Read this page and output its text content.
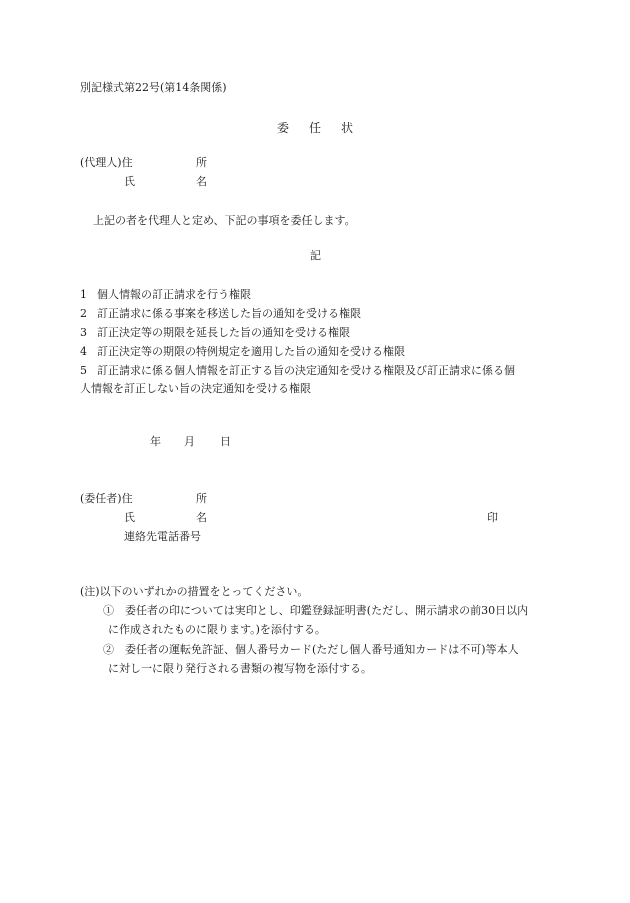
別記様式第22号(第14条関係)
委 任 状
(代理人)住	所
氏	名
上記の者を代理人と定め、下記の事項を委任します。
記
1 個人情報の訂正請求を行う権限
2 訂正請求に係る事案を移送した旨の通知を受ける権限
3 訂正決定等の期限を延長した旨の通知を受ける権限
4 訂正決定等の期限の特例規定を適用した旨の通知を受ける権限
5 訂正請求に係る個人情報を訂正する旨の決定通知を受ける権限及び訂正請求に係る個
人情報を訂正しない旨の決定通知を受ける権限
年 月 日
(委任者)住	所
氏	名	印
連絡先電話番号
(注)以下のいずれかの措置をとってください。
①　委任者の印については実印とし、印鑑登録証明書(ただし、開示請求の前30日以内
に作成されたものに限ります。)を添付する。
②　委任者の運転免許証、個人番号カード(ただし個人番号通知カードは不可)等本人
に対し一に限り発行される書類の複写物を添付する。
